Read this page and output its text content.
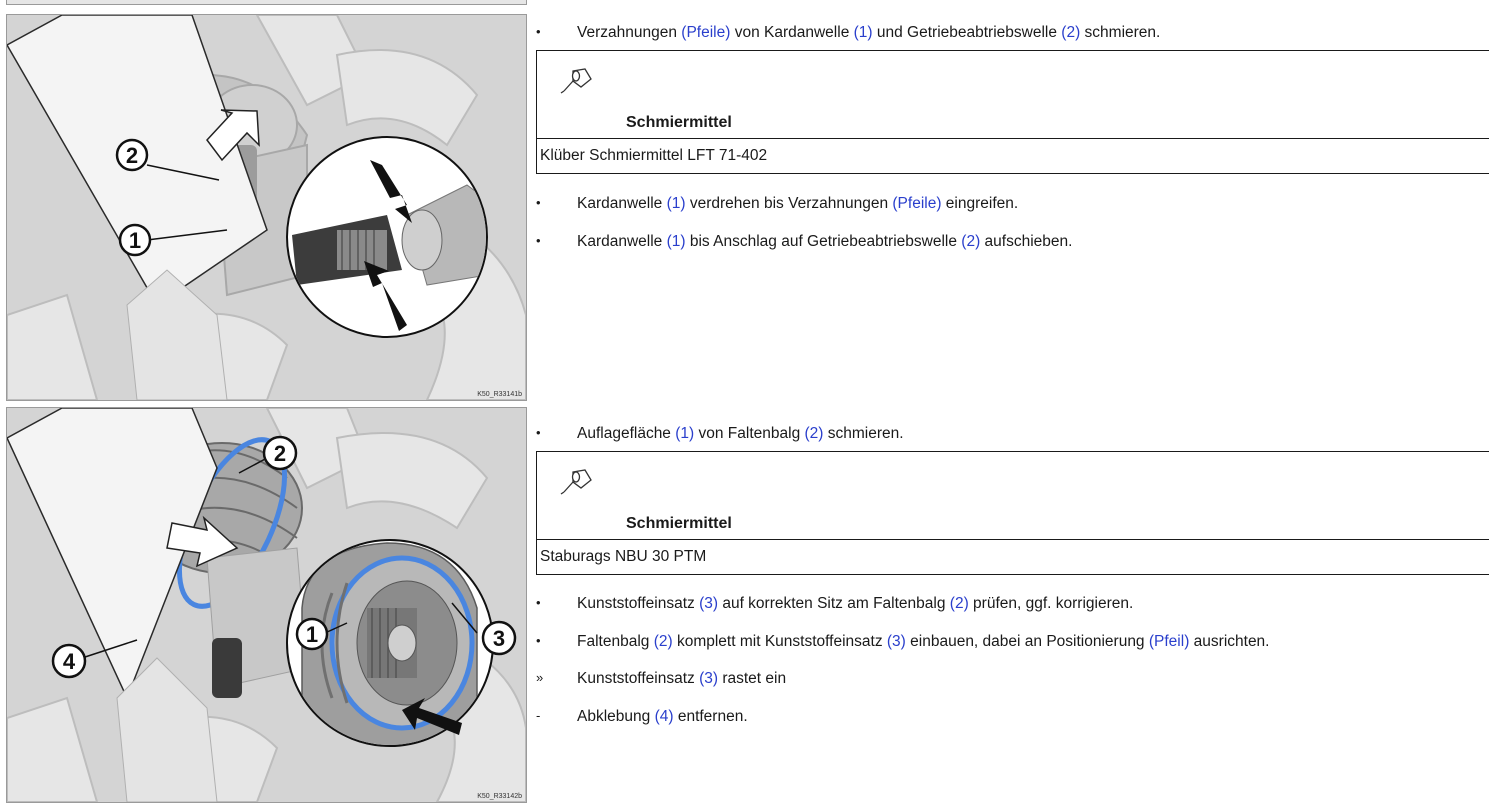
2
1
K50_R33141b
2
1	3
4
K50_R33142b
•	Verzahnungen (Pfeile) von Kardanwelle (1) und Getriebeabtriebswelle (2) schmieren.
Schmiermittel
Klüber Schmiermittel LFT 71-402
•	Kardanwelle (1) verdrehen bis Verzahnungen (Pfeile) eingreifen.
•	Kardanwelle (1) bis Anschlag auf Getriebeabtriebswelle (2) aufschieben.
•	Auflagefläche (1) von Faltenbalg (2) schmieren.
Schmiermittel
Staburags NBU 30 PTM
•	Kunststoffeinsatz (3) auf korrekten Sitz am Faltenbalg (2) prüfen, ggf. korrigieren.
•	Faltenbalg (2) komplett mit Kunststoffeinsatz (3) einbauen, dabei an Positionierung (Pfeil) ausrichten.
»	Kunststoffeinsatz (3) rastet ein
-	Abklebung (4) entfernen.
